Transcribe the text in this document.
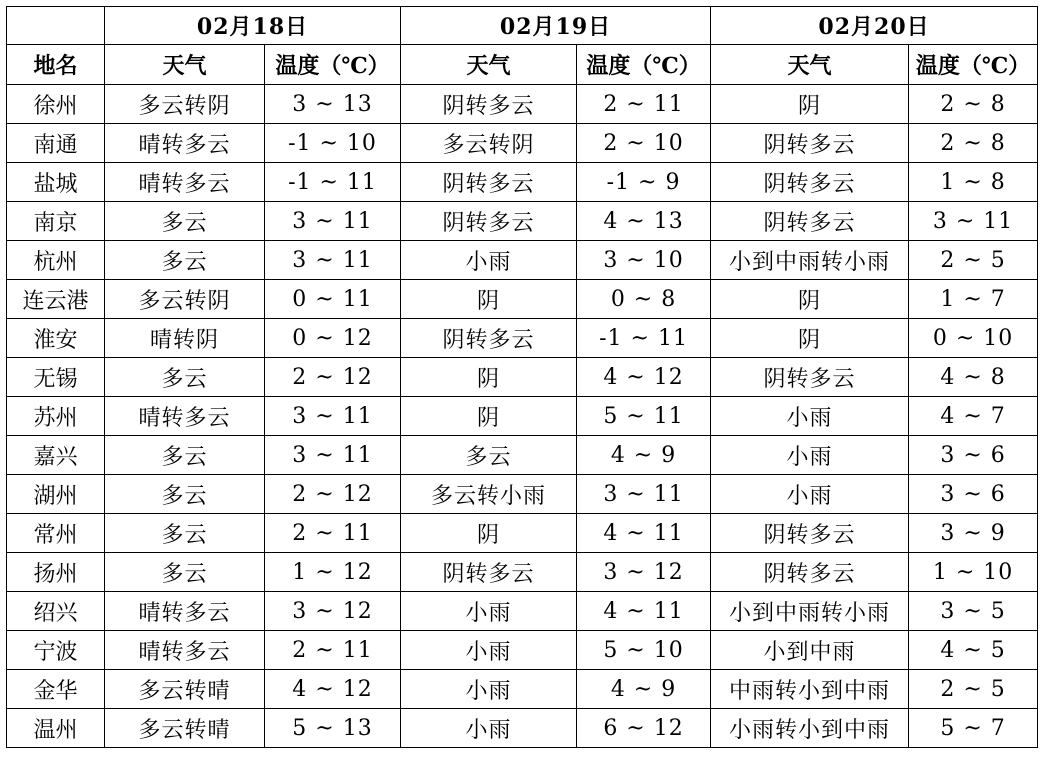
	02月18日		02月19日		02月20日	
地名	天气	温度（℃）	天气	温度（℃）	天气	温度（℃）
徐州	多云转阴	3 ~ 13	阴转多云	2 ~ 11	阴	2 ~ 8
南通	晴转多云	-1 ~ 10	多云转阴	2 ~ 10	阴转多云	2 ~ 8
盐城	晴转多云	-1 ~ 11	阴转多云	-1 ~ 9	阴转多云	1 ~ 8
南京	多云	3 ~ 11	阴转多云	4 ~ 13	阴转多云	3 ~ 11
杭州	多云	3 ~ 11	小雨	3 ~ 10	小到中雨转小雨	2 ~ 5
连云港	多云转阴	0 ~ 11	阴	0 ~ 8	阴	1 ~ 7
淮安	晴转阴	0 ~ 12	阴转多云	-1 ~ 11	阴	0 ~ 10
无锡	多云	2 ~ 12	阴	4 ~ 12	阴转多云	4 ~ 8
苏州	晴转多云	3 ~ 11	阴	5 ~ 11	小雨	4 ~ 7
嘉兴	多云	3 ~ 11	多云	4 ~ 9	小雨	3 ~ 6
湖州	多云	2 ~ 12	多云转小雨	3 ~ 11	小雨	3 ~ 6
常州	多云	2 ~ 11	阴	4 ~ 11	阴转多云	3 ~ 9
扬州	多云	1 ~ 12	阴转多云	3 ~ 12	阴转多云	1 ~ 10
绍兴	晴转多云	3 ~ 12	小雨	4 ~ 11	小到中雨转小雨	3 ~ 5
宁波	晴转多云	2 ~ 11	小雨	5 ~ 10	小到中雨	4 ~ 5
金华	多云转晴	4 ~ 12	小雨	4 ~ 9	中雨转小到中雨	2 ~ 5
温州	多云转晴	5 ~ 13	小雨	6 ~ 12	小雨转小到中雨	5 ~ 7
